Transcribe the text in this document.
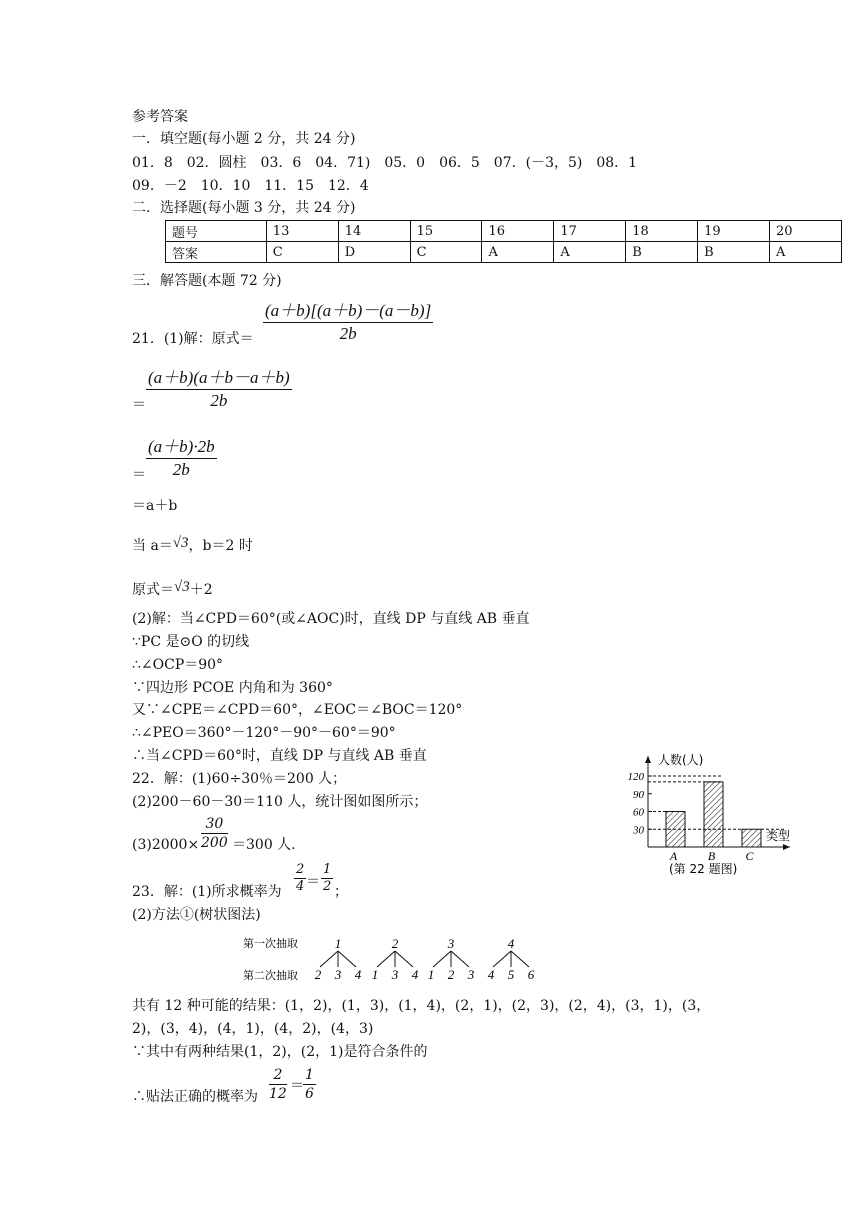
参考答案
一．填空题(每小题 2 分，共 24 分)
01．8　02．圆柱　03．6　04．71)　05．0　06．5　07．(－3，5)　08．1
09．－2　10．10　11．15　12．4
二．选择题(每小题 3 分，共 24 分)
题号	13	14	15	16	17	18	19	20
答案	C	D	C	A	A	B	B	A
三．解答题(本题 72 分)
21．(1)解：原式＝ $\frac{(a+b)[(a+b)-(a-b)]}{2b}$
＝ $\frac{(a+b)(a+b-a+b)}{2b}$
＝ $\frac{(a+b)\cdot 2b}{2b}$
＝a＋b
当 a＝√3，b＝2 时
原式＝√3＋2
(2)解：当∠CPD＝60°(或∠AOC)时，直线 DP 与直线 AB 垂直
∵PC 是⊙O 的切线
∴∠OCP＝90°
∵四边形 PCOE 内角和为 360°
又∵∠CPE＝∠CPD＝60°，∠EOC＝∠BOC＝120°
∴∠PEO＝360°－120°－90°－60°＝90°
∴当∠CPD＝60°时，直线 DP 与直线 AB 垂直
22．解：(1)60÷30％＝200 人；
(2)200－60－30＝110 人，统计图如图所示；
$(3)2000\times \frac{30}{200} =300$ 人.
23．解：(1)所求概率为 $\frac{2}{4} = \frac{1}{2}$ ；
(2)方法①(树状图法)
第一次抽取
第二次抽取
1	2	3	4
2 3 4 1 3 4 1 2 3 4 5 6
共有 12 种可能的结果：(1，2)，(1，3)，(1，4)，(2，1)，(2，3)，(2，4)，(3，1)，(3，
2)，(3，4)，(4，1)，(4，2)，(4，3)
∵其中有两种结果(1，2)，(2，1)是符合条件的
∴贴法正确的概率为 $\frac{2}{12} = \frac{1}{6}$
120
90
60
30
A	B	C
人数(人)
类型
(第 22 题图)
